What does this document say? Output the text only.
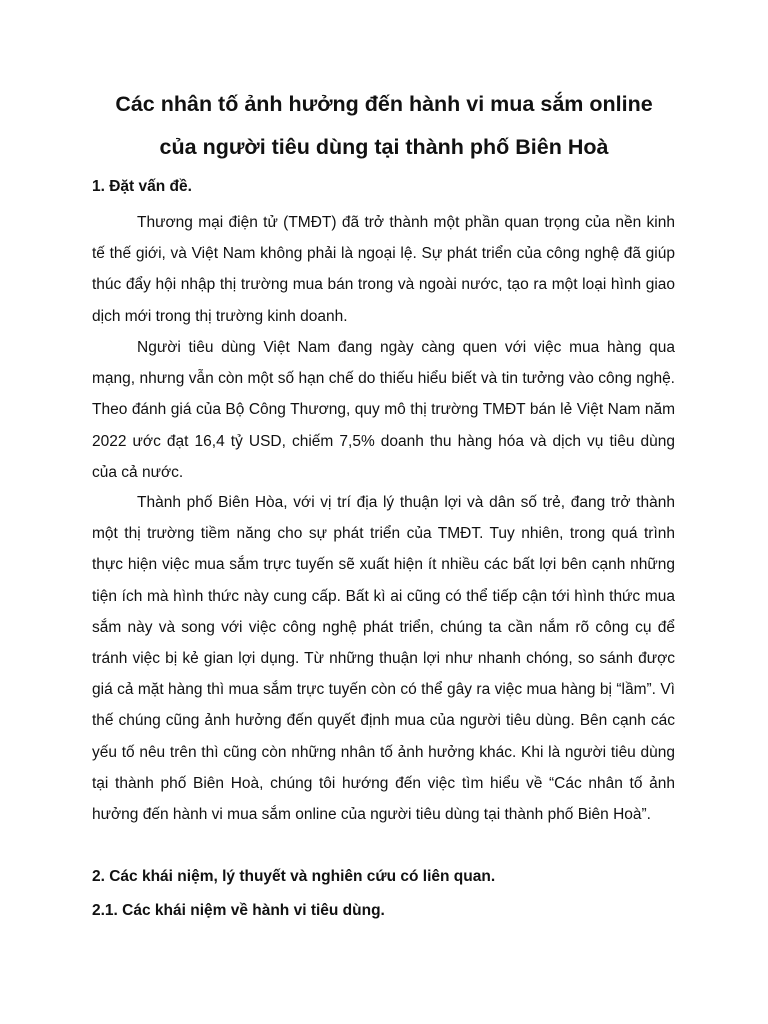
Các nhân tố ảnh hưởng đến hành vi mua sắm online
của người tiêu dùng tại thành phố Biên Hoà
1. Đặt vấn đề.

Thương mại điện tử (TMĐT) đã trở thành một phần quan trọng của nền kinh tế thế giới, và Việt Nam không phải là ngoại lệ. Sự phát triển của công nghệ đã giúp thúc đẩy hội nhập thị trường mua bán trong và ngoài nước, tạo ra một loại hình giao dịch mới trong thị trường kinh doanh.

Người tiêu dùng Việt Nam đang ngày càng quen với việc mua hàng qua mạng, nhưng vẫn còn một số hạn chế do thiếu hiểu biết và tin tưởng vào công nghệ. Theo đánh giá của Bộ Công Thương, quy mô thị trường TMĐT bán lẻ Việt Nam năm 2022 ước đạt 16,4 tỷ USD, chiếm 7,5% doanh thu hàng hóa và dịch vụ tiêu dùng của cả nước.

Thành phố Biên Hòa, với vị trí địa lý thuận lợi và dân số trẻ, đang trở thành một thị trường tiềm năng cho sự phát triển của TMĐT. Tuy nhiên, trong quá trình thực hiện việc mua sắm trực tuyến sẽ xuất hiện ít nhiều các bất lợi bên cạnh những tiện ích mà hình thức này cung cấp. Bất kì ai cũng có thể tiếp cận tới hình thức mua sắm này và song với việc công nghệ phát triển, chúng ta cần nắm rõ công cụ để tránh việc bị kẻ gian lợi dụng. Từ những thuận lợi như nhanh chóng, so sánh được giá cả mặt hàng thì mua sắm trực tuyến còn có thể gây ra việc mua hàng bị “lầm”. Vì thế chúng cũng ảnh hưởng đến quyết định mua của người tiêu dùng. Bên cạnh các yếu tố nêu trên thì cũng còn những nhân tố ảnh hưởng khác. Khi là người tiêu dùng tại thành phố Biên Hoà, chúng tôi hướng đến việc tìm hiểu về “Các nhân tố ảnh hưởng đến hành vi mua sắm online của người tiêu dùng tại thành phố Biên Hoà”.

2. Các khái niệm, lý thuyết và nghiên cứu có liên quan.
2.1. Các khái niệm về hành vi tiêu dùng.
